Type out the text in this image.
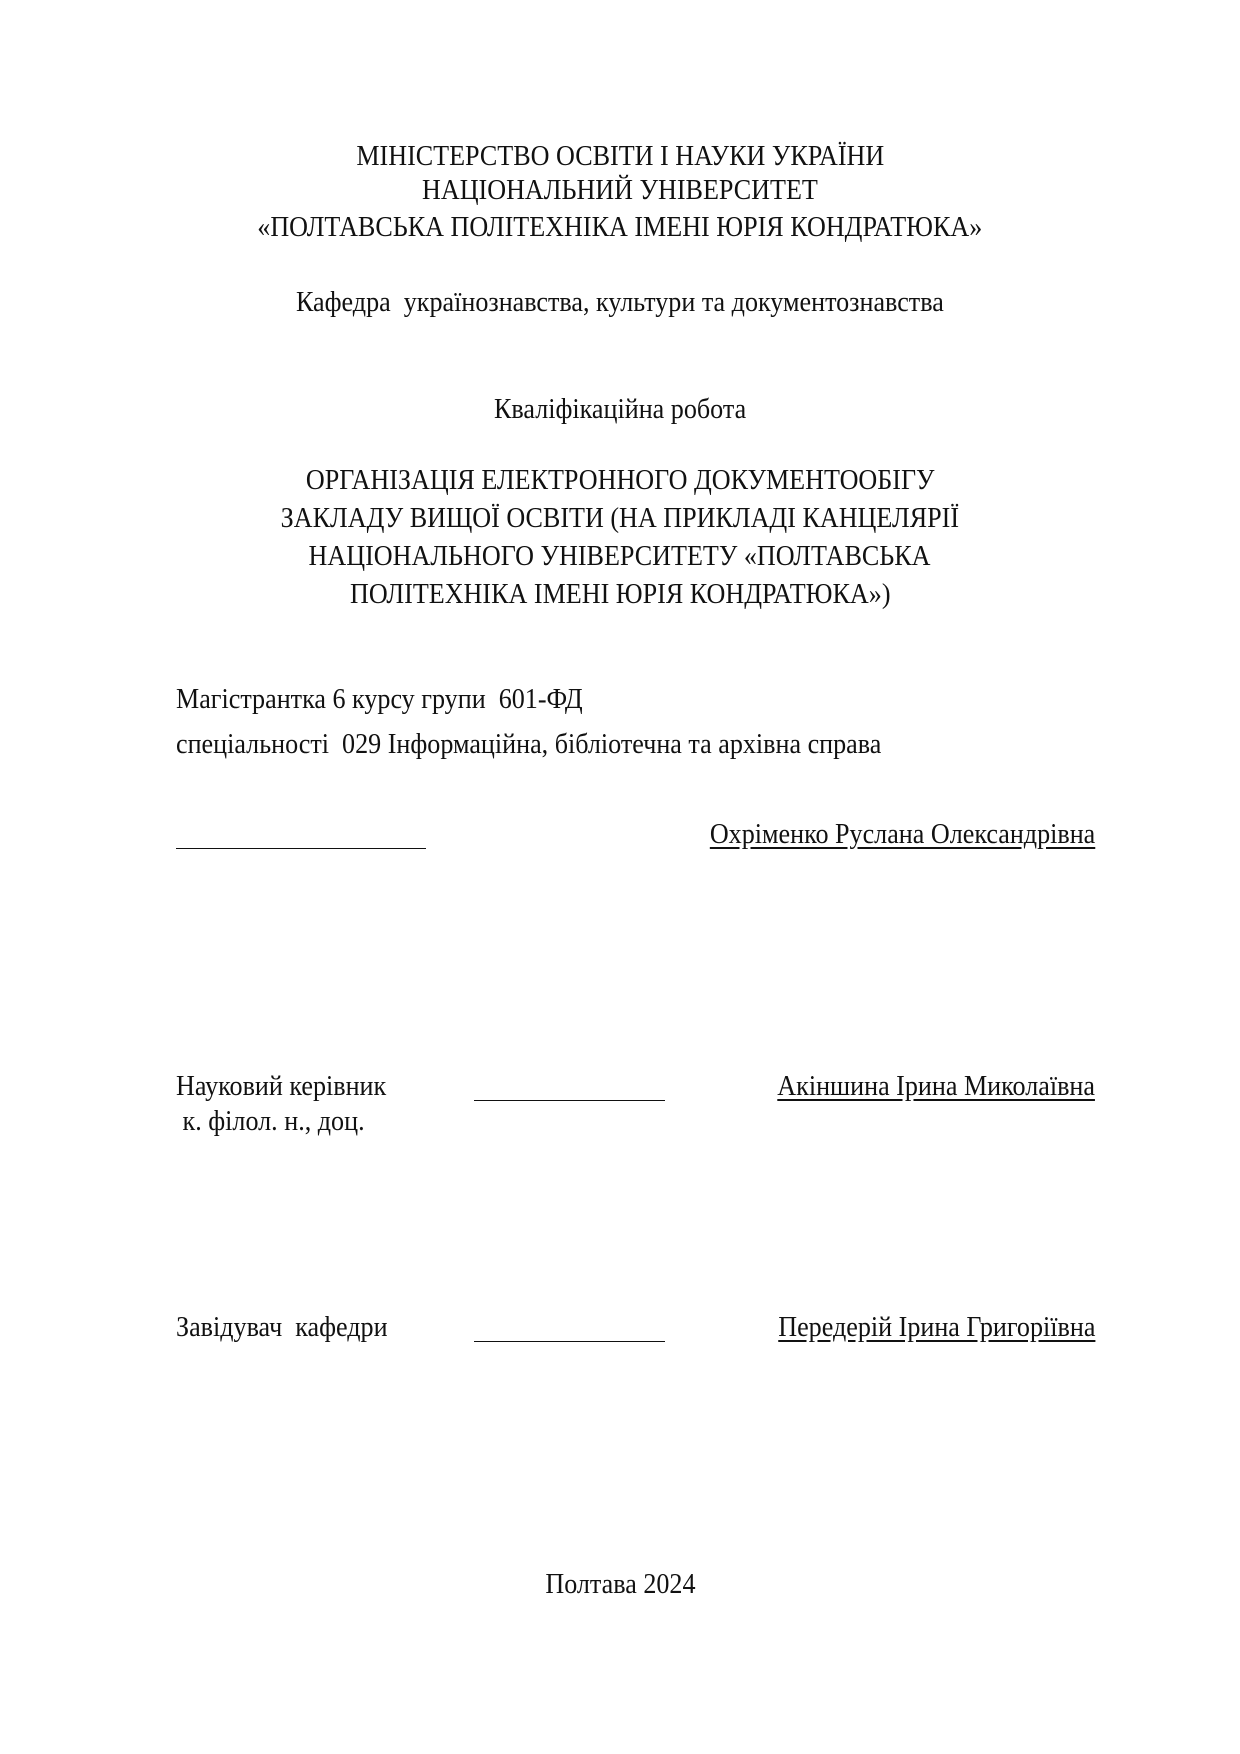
МІНІСТЕРСТВО ОСВІТИ І НАУКИ УКРАЇНИ
НАЦІОНАЛЬНИЙ УНІВЕРСИТЕТ
«ПОЛТАВСЬКА ПОЛІТЕХНІКА ІМЕНІ ЮРІЯ КОНДРАТЮКА»
Кафедра  українознавства, культури та документознавства
Кваліфікаційна робота
ОРГАНІЗАЦІЯ ЕЛЕКТРОННОГО ДОКУМЕНТООБІГУ
ЗАКЛАДУ ВИЩОЇ ОСВІТИ (НА ПРИКЛАДІ КАНЦЕЛЯРІЇ
НАЦІОНАЛЬНОГО УНІВЕРСИТЕТУ «ПОЛТАВСЬКА
ПОЛІТЕХНІКА ІМЕНІ ЮРІЯ КОНДРАТЮКА»)
Магістрантка 6 курсу групи  601-ФД
спеціальності  029 Інформаційна, бібліотечна та архівна справа
Охріменко Руслана Олександрівна
Науковий керівник	Акіншина Ірина Миколаївна
к. філол. н., доц.
Завідувач  кафедри	Передерій Ірина Григоріївна
Полтава 2024
